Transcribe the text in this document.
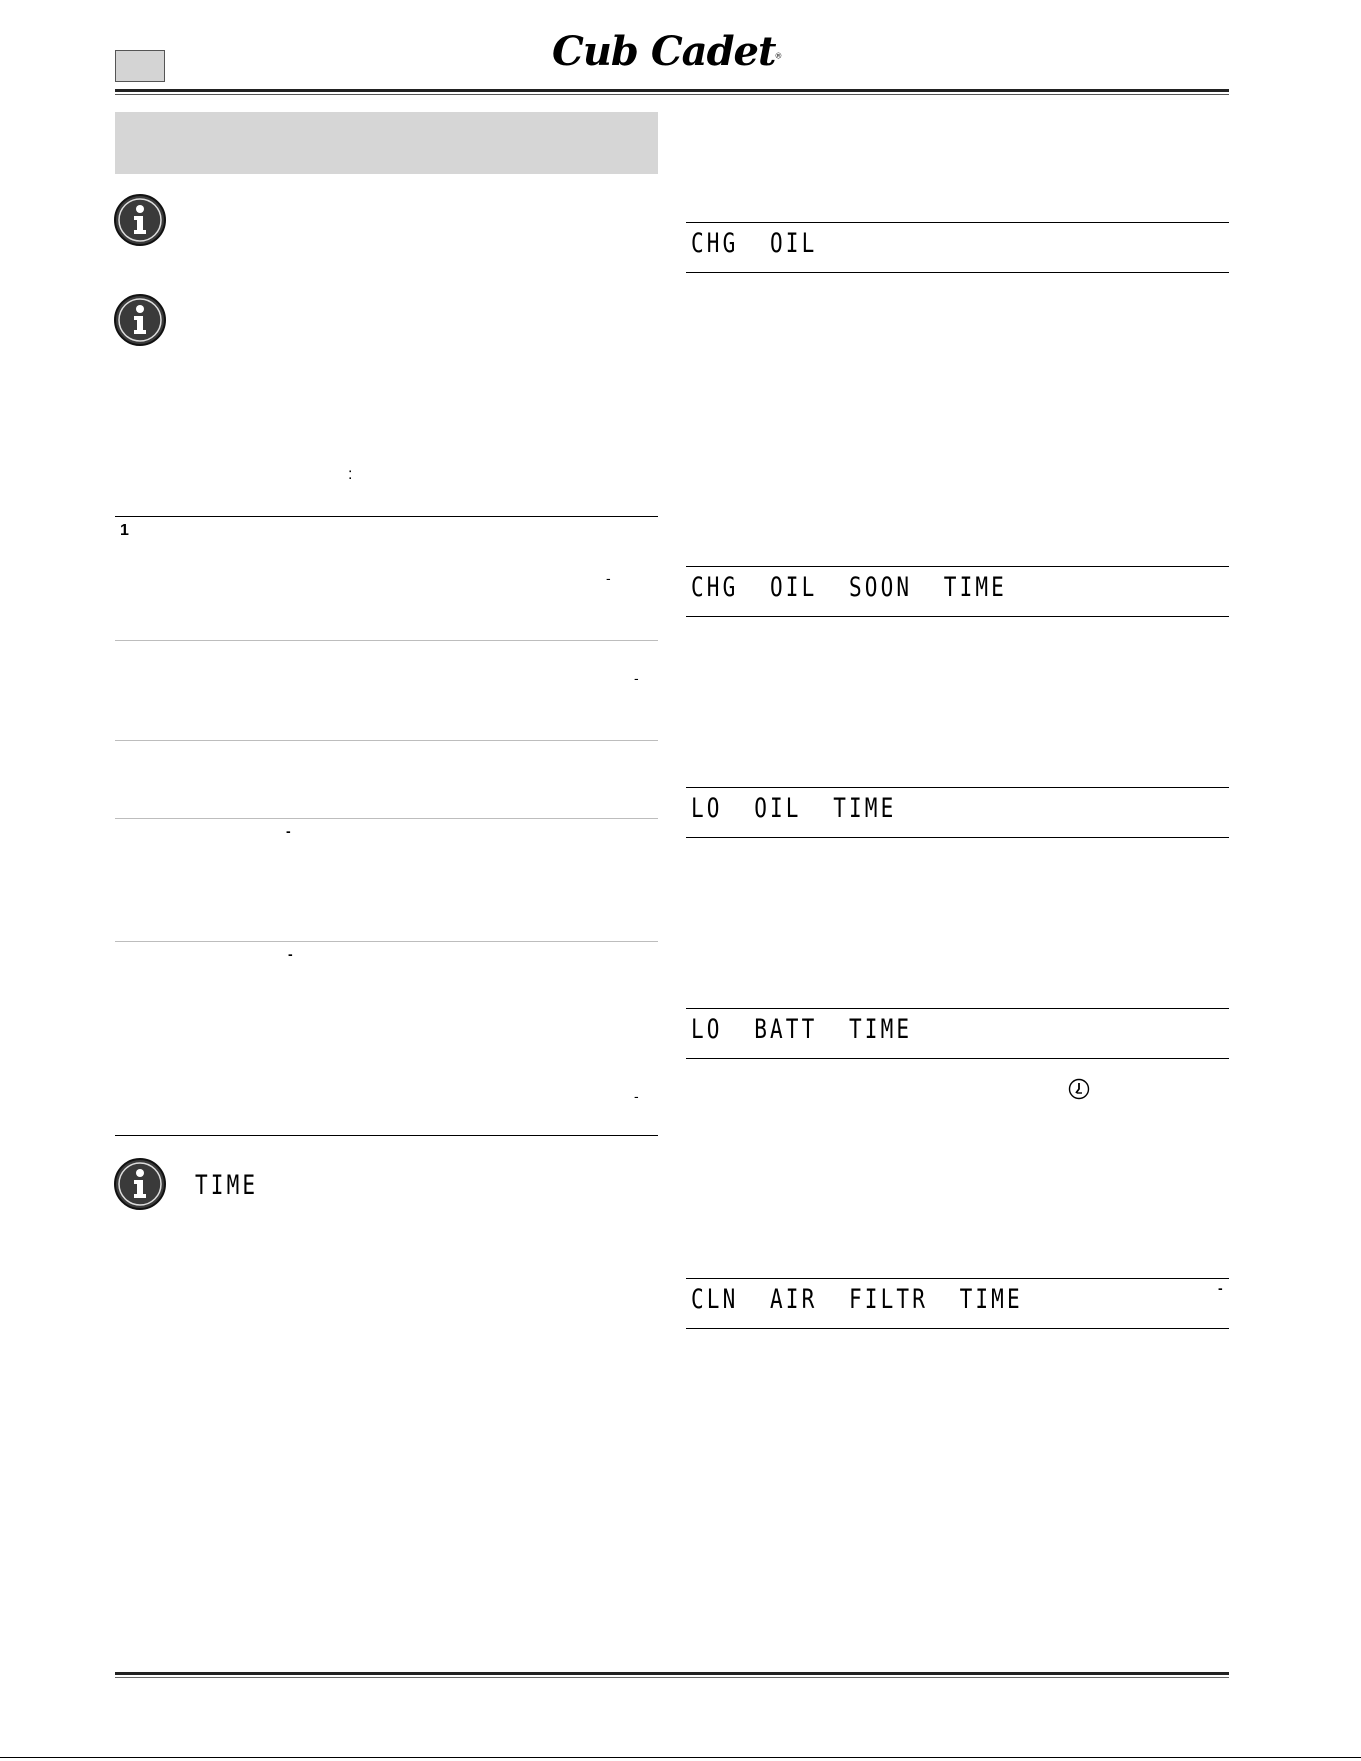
Cub Cadet®
:
1
-
-
-
-
-
TIME
CHG  OIL
CHG  OIL  SOON  TIME
LO  OIL  TIME
LO  BATT  TIME
CLN  AIR  FILTR  TIME	-
